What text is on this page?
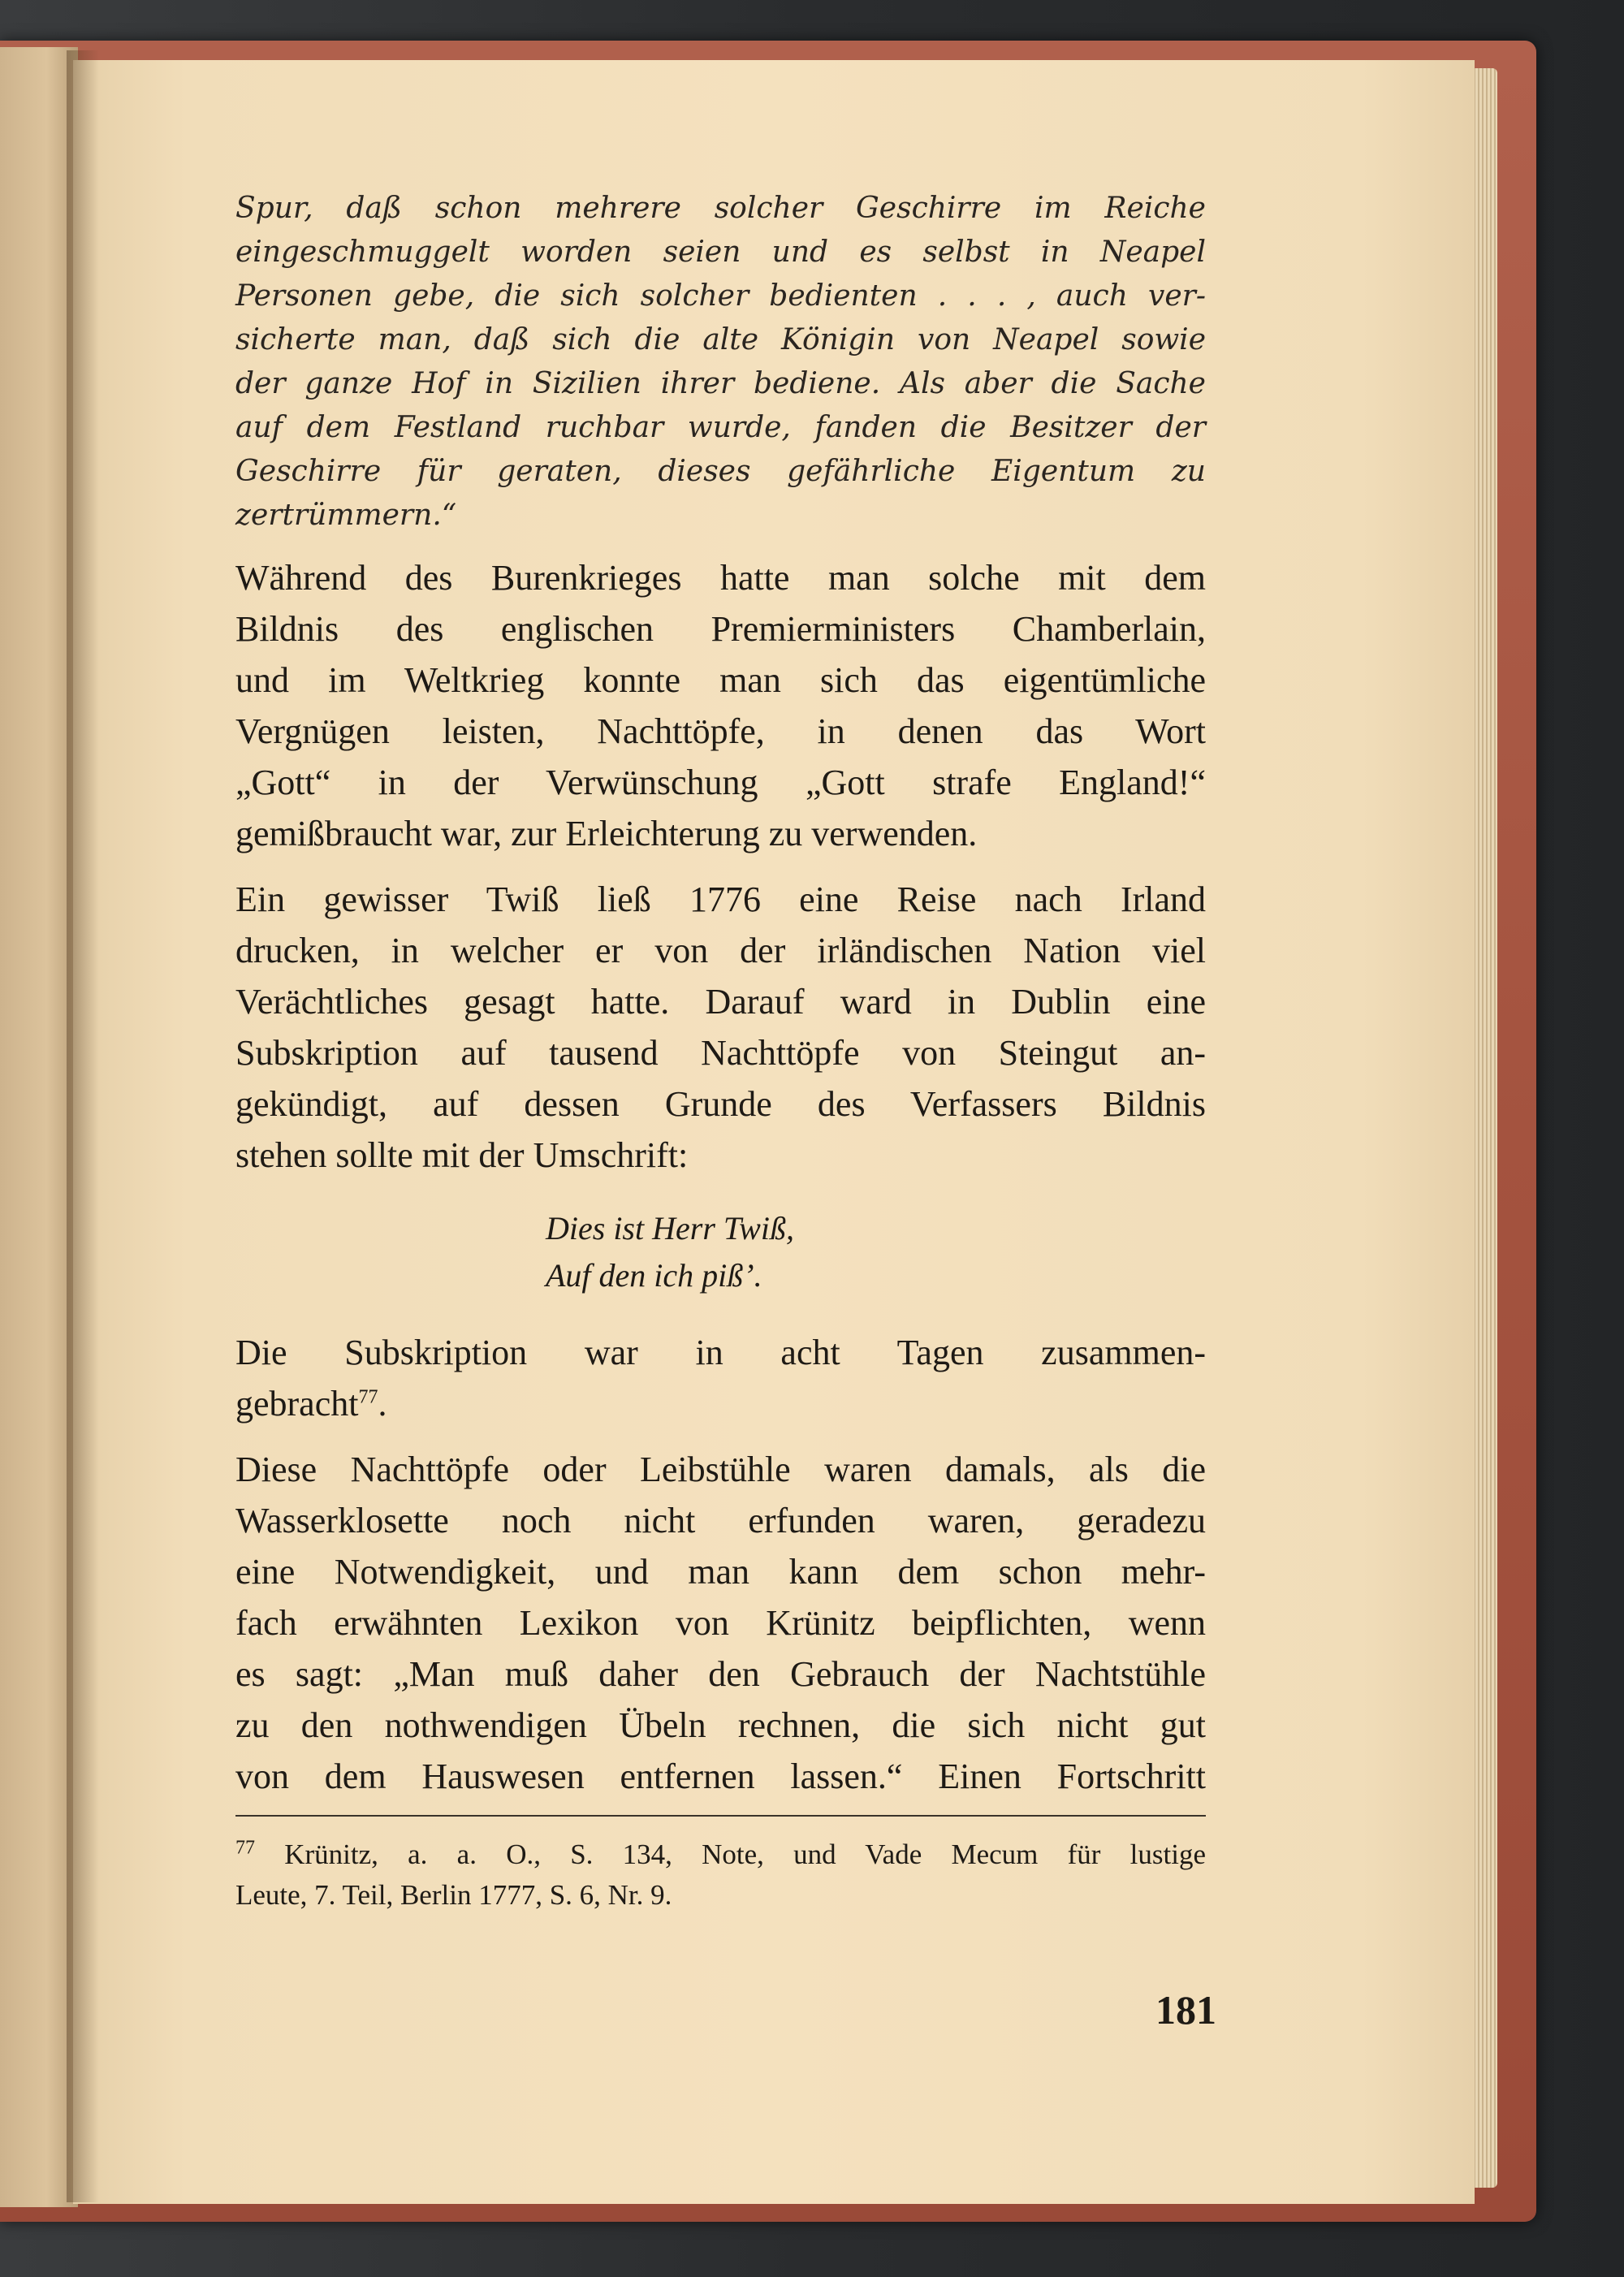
Spur, daß schon mehrere solcher Geschirre im Reiche
eingeschmuggelt worden seien und es selbst in Neapel
Personen gebe, die sich solcher bedienten . . . , auch ver-
sicherte man, daß sich die alte Königin von Neapel sowie
der ganze Hof in Sizilien ihrer bediene. Als aber die Sache
auf dem Festland ruchbar wurde, fanden die Besitzer der
Geschirre für geraten, dieses gefährliche Eigentum zu
zertrümmern.“
Während des Burenkrieges hatte man solche mit dem
Bildnis des englischen Premierministers Chamberlain,
und im Weltkrieg konnte man sich das eigentümliche
Vergnügen leisten, Nachttöpfe, in denen das Wort
„Gott“ in der Verwünschung „Gott strafe England!“
gemißbraucht war, zur Erleichterung zu verwenden.
Ein gewisser Twiß ließ 1776 eine Reise nach Irland
drucken, in welcher er von der irländischen Nation viel
Verächtliches gesagt hatte. Darauf ward in Dublin eine
Subskription auf tausend Nachttöpfe von Steingut an-
gekündigt, auf dessen Grunde des Verfassers Bildnis
stehen sollte mit der Umschrift:
Dies ist Herr Twiß,
Auf den ich piß’.
Die Subskription war in acht Tagen zusammen-
gebracht$^{77}$.
Diese Nachttöpfe oder Leibstühle waren damals, als die
Wasserklosette noch nicht erfunden waren, geradezu
eine Notwendigkeit, und man kann dem schon mehr-
fach erwähnten Lexikon von Krünitz beipflichten, wenn
es sagt: „Man muß daher den Gebrauch der Nachtstühle
zu den nothwendigen Übeln rechnen, die sich nicht gut
von dem Hauswesen entfernen lassen.“ Einen Fortschritt
$^{77}$ Krünitz, a. a. O., S. 134, Note, und Vade Mecum für lustige
Leute, 7. Teil, Berlin 1777, S. 6, Nr. 9.
181
